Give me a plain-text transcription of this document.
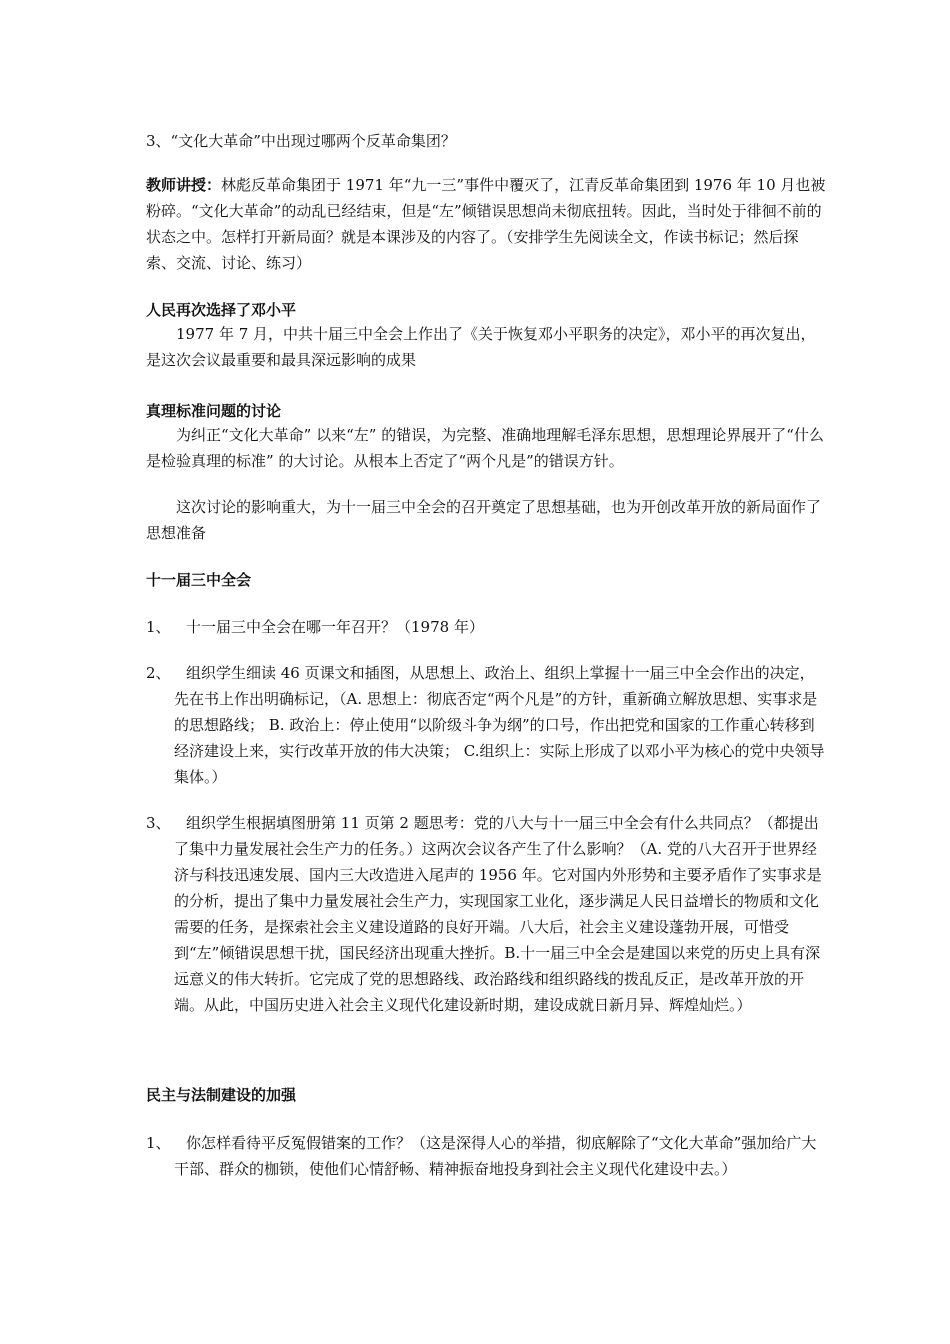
3、“文化大革命”中出现过哪两个反革命集团？
教师讲授：林彪反革命集团于 1971 年“九一三”事件中覆灭了，江青反革命集团到 1976 年 10 月也被粉碎。“文化大革命”的动乱已经结束，但是“左”倾错误思想尚未彻底扭转。因此，当时处于徘徊不前的状态之中。怎样打开新局面？就是本课涉及的内容了。（安排学生先阅读全文，作读书标记；然后探索、交流、讨论、练习）
人民再次选择了邓小平
1977 年 7 月，中共十届三中全会上作出了《关于恢复邓小平职务的决定》，邓小平的再次复出，是这次会议最重要和最具深远影响的成果
真理标准问题的讨论
为纠正“文化大革命” 以来“左” 的错误，为完整、准确地理解毛泽东思想，思想理论界展开了“什么是检验真理的标准” 的大讨论。从根本上否定了“两个凡是”的错误方针。
这次讨论的影响重大，为十一届三中全会的召开奠定了思想基础，也为开创改革开放的新局面作了思想准备
十一届三中全会
1、	十一届三中全会在哪一年召开？（1978 年）
2、	组织学生细读 46 页课文和插图，从思想上、政治上、组织上掌握十一届三中全会作出的决定，先在书上作出明确标记，（A. 思想上：彻底否定“两个凡是”的方针，重新确立解放思想、实事求是的思想路线； B. 政治上：停止使用“以阶级斗争为纲”的口号，作出把党和国家的工作重心转移到经济建设上来，实行改革开放的伟大决策； C.组织上：实际上形成了以邓小平为核心的党中央领导集体。）
3、	组织学生根据填图册第 11 页第 2 题思考：党的八大与十一届三中全会有什么共同点？（都提出了集中力量发展社会生产力的任务。）这两次会议各产生了什么影响？（A. 党的八大召开于世界经济与科技迅速发展、国内三大改造进入尾声的 1956 年。它对国内外形势和主要矛盾作了实事求是的分析，提出了集中力量发展社会生产力，实现国家工业化，逐步满足人民日益增长的物质和文化需要的任务，是探索社会主义建设道路的良好开端。八大后，社会主义建设蓬勃开展，可惜受到“左”倾错误思想干扰，国民经济出现重大挫折。B.十一届三中全会是建国以来党的历史上具有深远意义的伟大转折。它完成了党的思想路线、政治路线和组织路线的拨乱反正，是改革开放的开端。从此，中国历史进入社会主义现代化建设新时期，建设成就日新月异、辉煌灿烂。）
民主与法制建设的加强
1、	你怎样看待平反冤假错案的工作？（这是深得人心的举措，彻底解除了“文化大革命”强加给广大干部、群众的枷锁，使他们心情舒畅、精神振奋地投身到社会主义现代化建设中去。）
